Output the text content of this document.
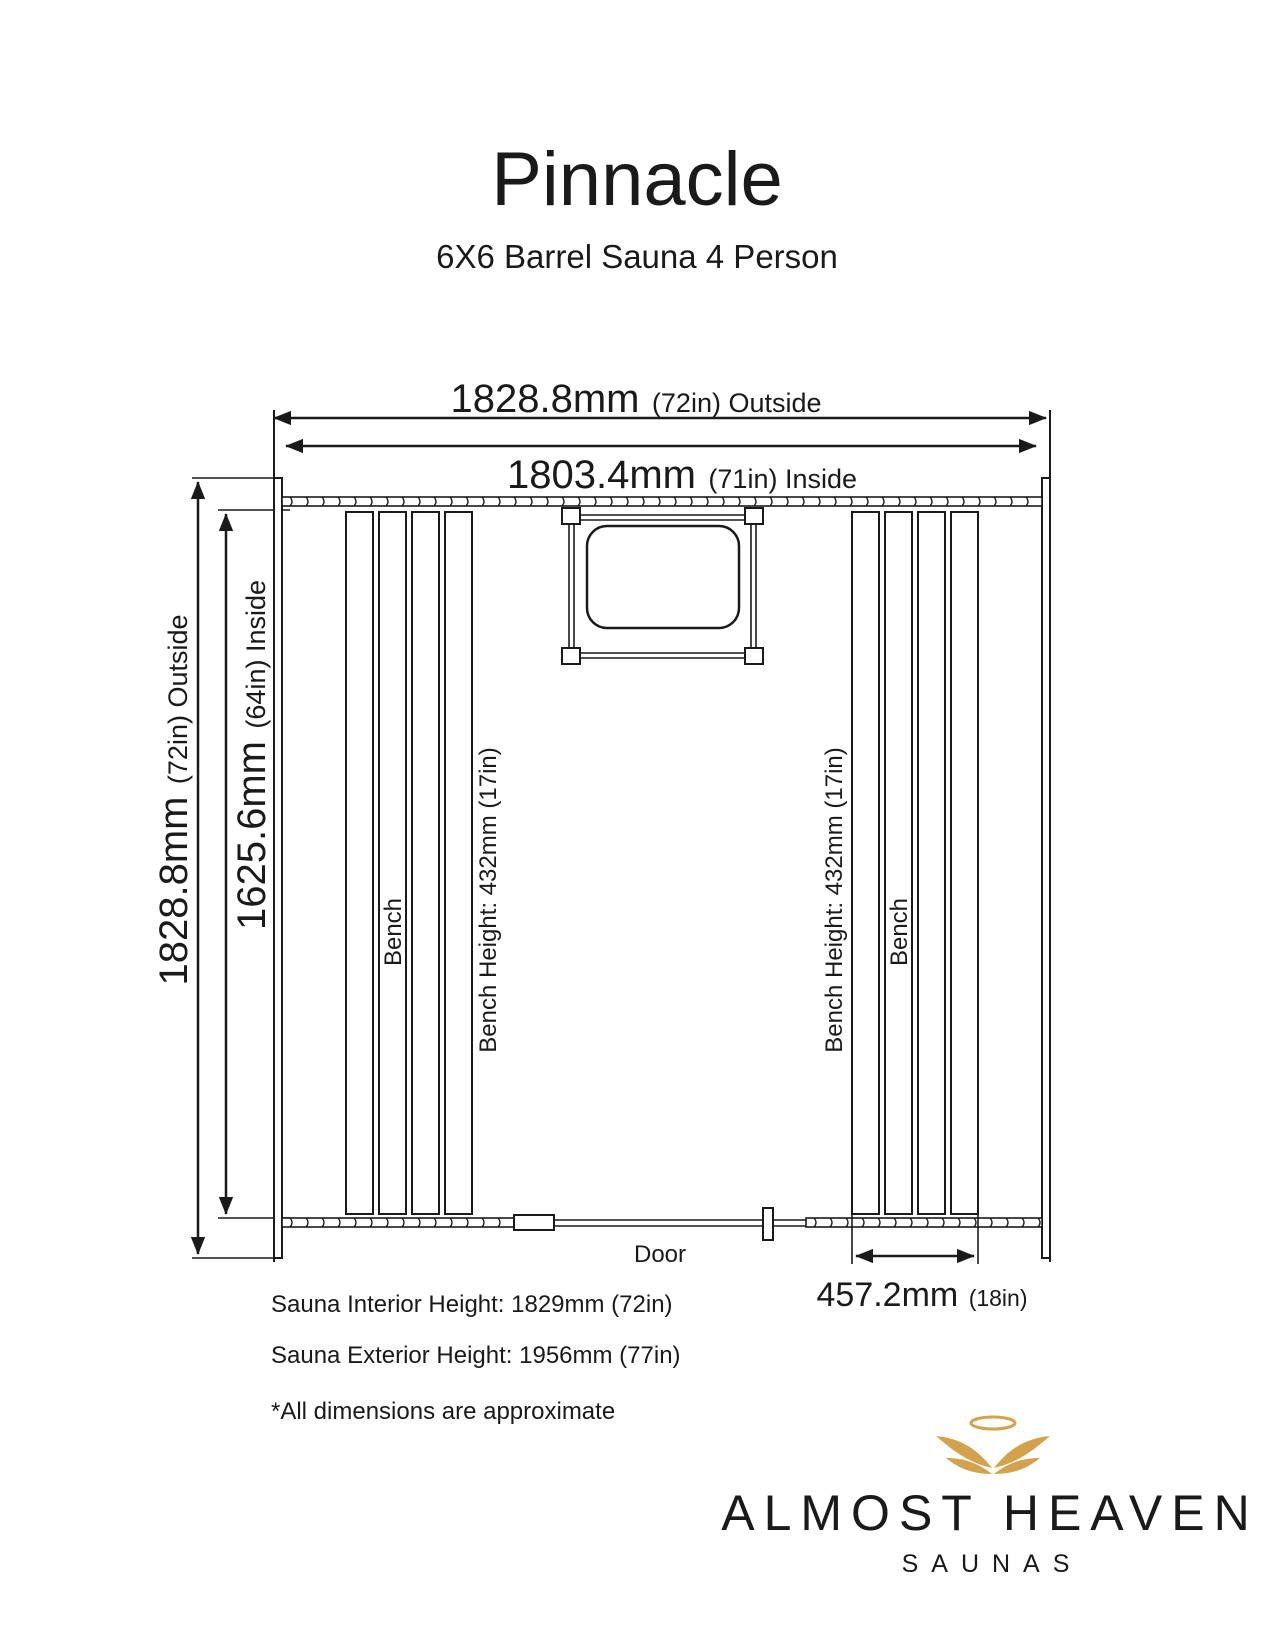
Pinnacle
6X6 Barrel Sauna 4 Person
1828.8mm (72in) Outside
1803.4mm (71in) Inside
1828.8mm (72in) Outside
1625.6mm (64in) Inside
Door
Bench	Bench
Bench Height: 432mm (17in)	Bench Height: 432mm (17in)
457.2mm (18in)
Sauna Interior Height: 1829mm (72in)
Sauna Exterior Height: 1956mm (77in)
*All dimensions are approximate
ALMOST HEAVEN
SAUNAS
